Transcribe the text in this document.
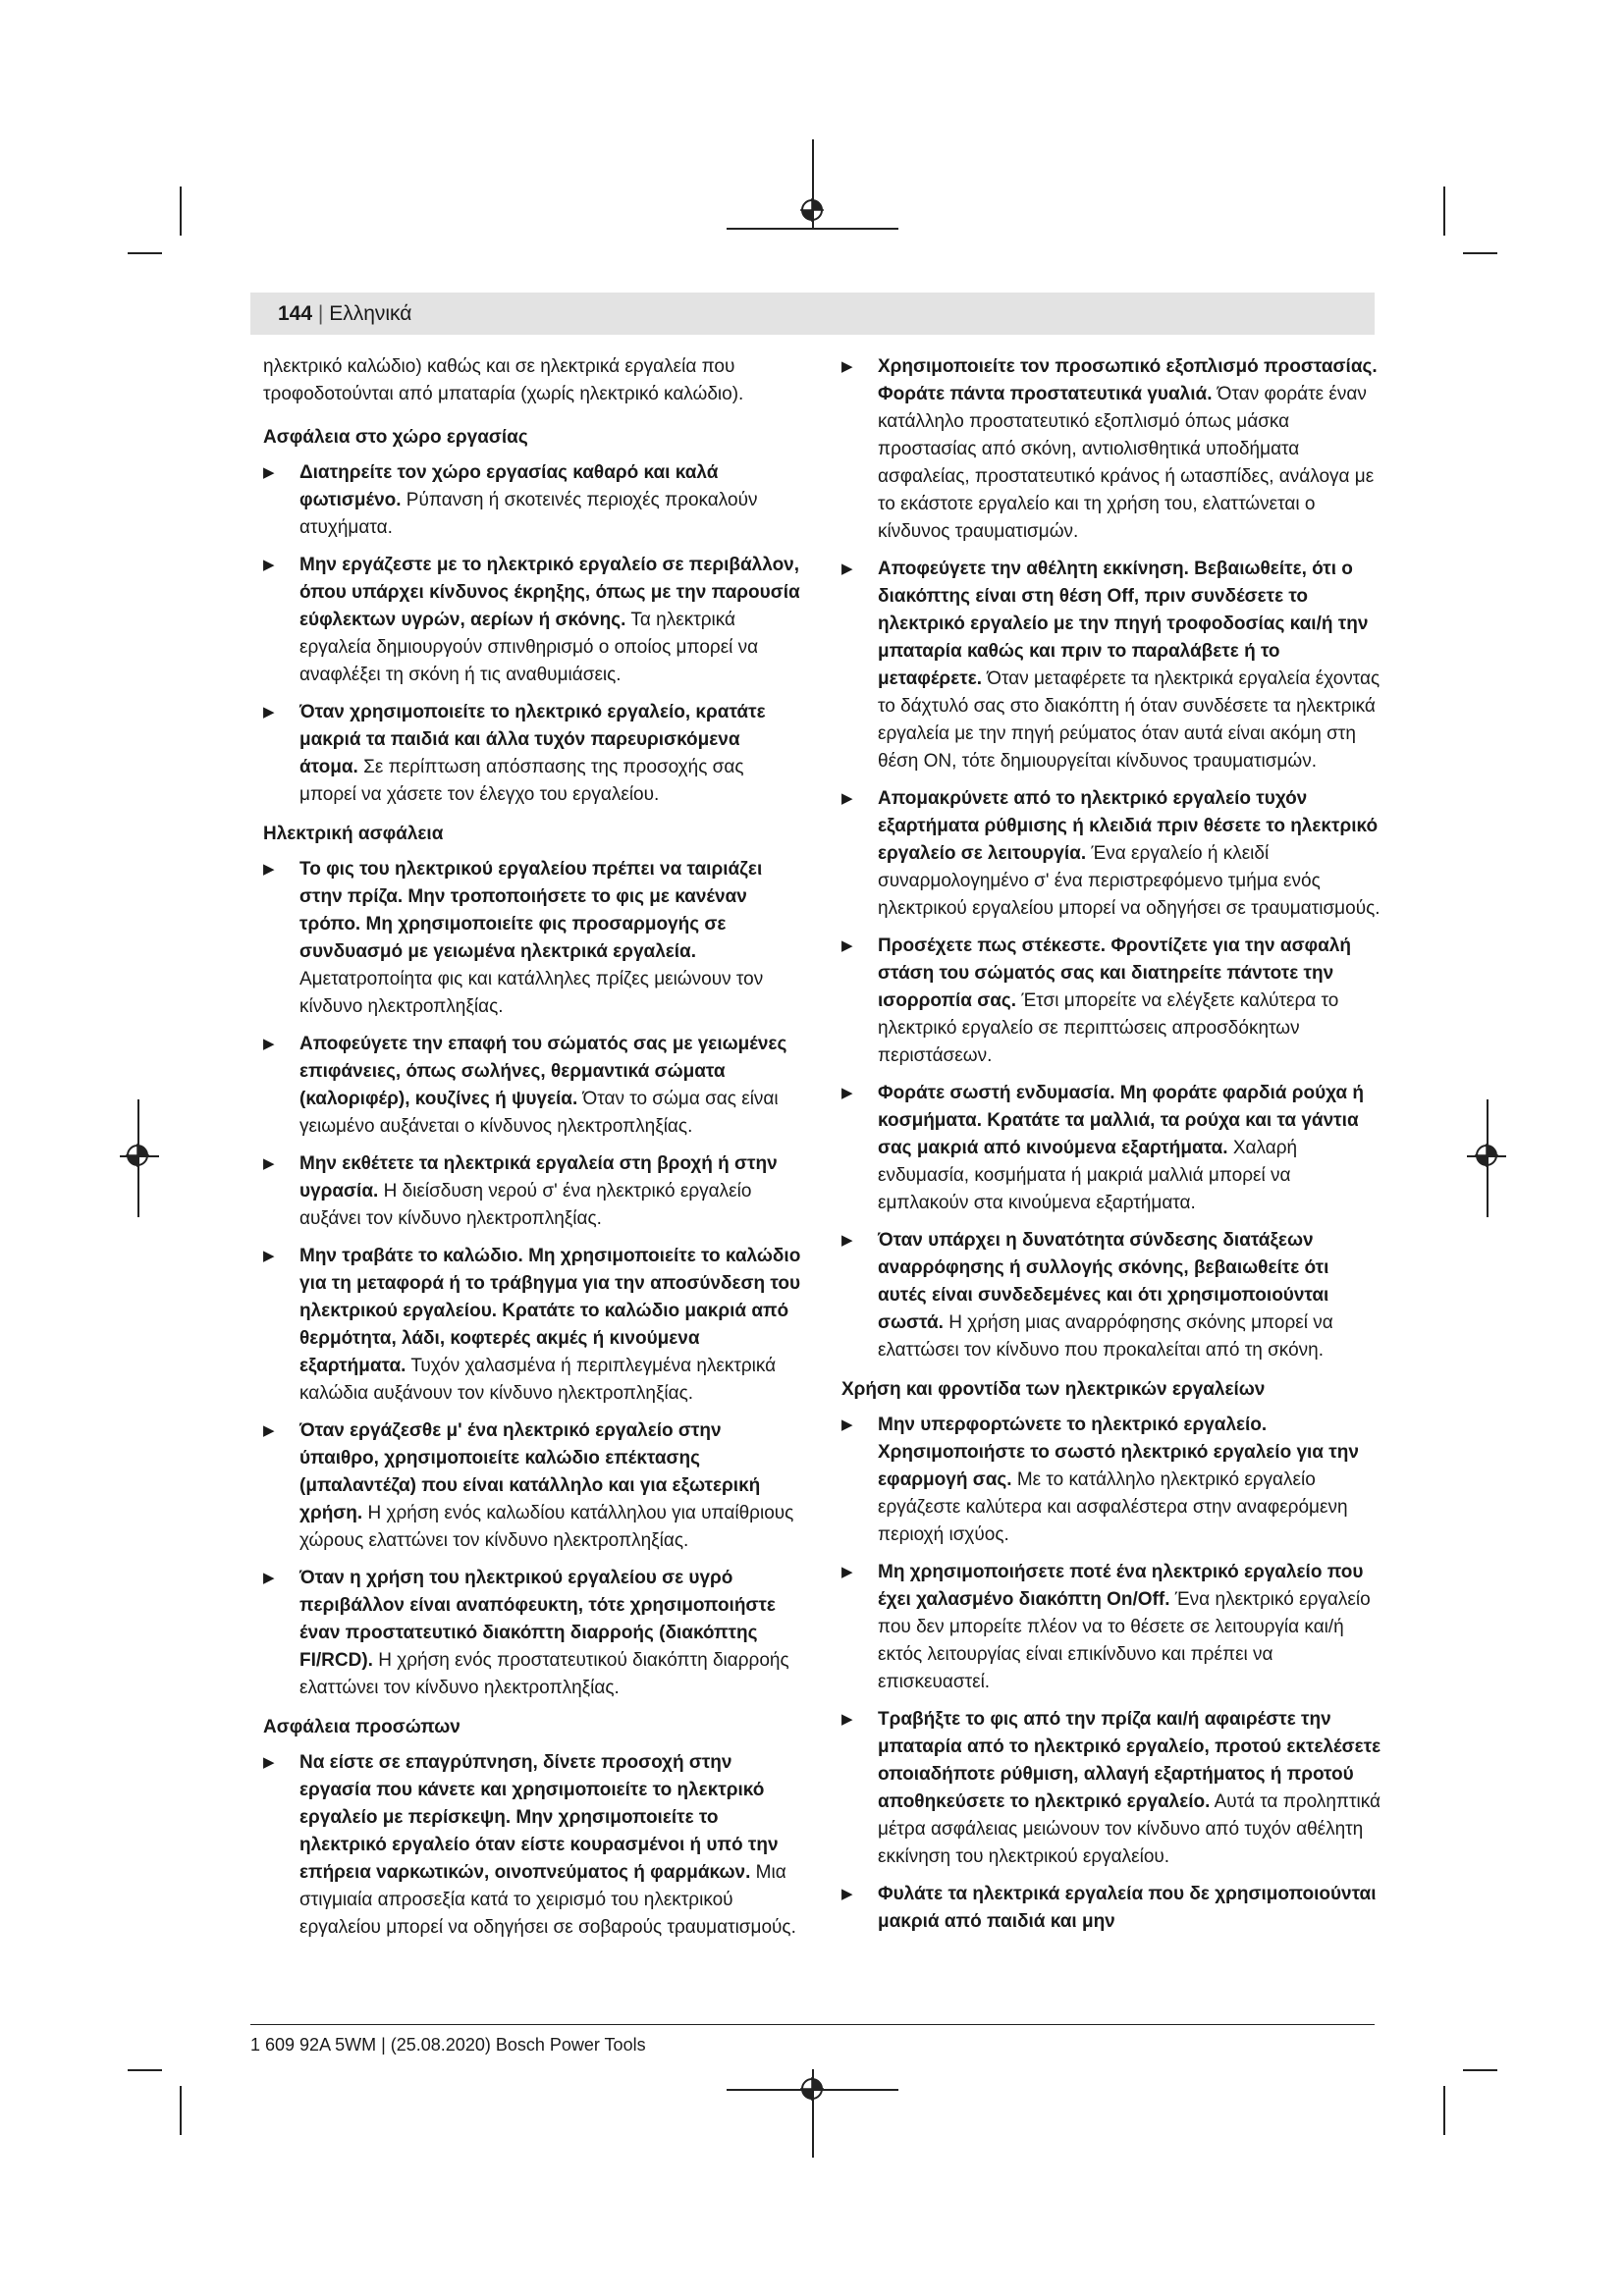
144 | Ελληνικά

ηλεκτρικό καλώδιο) καθώς και σε ηλεκτρικά εργαλεία που τροφοδοτούνται από μπαταρία (χωρίς ηλεκτρικό καλώδιο).

Ασφάλεια στο χώρο εργασίας

▶	Διατηρείτε τον χώρο εργασίας καθαρό και καλά φωτισμένο. Ρύπανση ή σκοτεινές περιοχές προκαλούν ατυχήματα.
▶	Μην εργάζεστε με το ηλεκτρικό εργαλείο σε περιβάλλον, όπου υπάρχει κίνδυνος έκρηξης, όπως με την παρουσία εύφλεκτων υγρών, αερίων ή σκόνης. Τα ηλεκτρικά εργαλεία δημιουργούν σπινθηρισμό ο οποίος μπορεί να αναφλέξει τη σκόνη ή τις αναθυμιάσεις.
▶	Όταν χρησιμοποιείτε το ηλεκτρικό εργαλείο, κρατάτε μακριά τα παιδιά και άλλα τυχόν παρευρισκόμενα άτομα. Σε περίπτωση απόσπασης της προσοχής σας μπορεί να χάσετε τον έλεγχο του εργαλείου.

Ηλεκτρική ασφάλεια

▶	Το φις του ηλεκτρικού εργαλείου πρέπει να ταιριάζει στην πρίζα. Μην τροποποιήσετε το φις με κανέναν τρόπο. Μη χρησιμοποιείτε φις προσαρμογής σε συνδυασμό με γειωμένα ηλεκτρικά εργαλεία. Αμετατροποίητα φις και κατάλληλες πρίζες μειώνουν τον κίνδυνο ηλεκτροπληξίας.
▶	Αποφεύγετε την επαφή του σώματός σας με γειωμένες επιφάνειες, όπως σωλήνες, θερμαντικά σώματα (καλοριφέρ), κουζίνες ή ψυγεία. Όταν το σώμα σας είναι γειωμένο αυξάνεται ο κίνδυνος ηλεκτροπληξίας.
▶	Μην εκθέτετε τα ηλεκτρικά εργαλεία στη βροχή ή στην υγρασία. Η διείσδυση νερού σ' ένα ηλεκτρικό εργαλείο αυξάνει τον κίνδυνο ηλεκτροπληξίας.
▶	Μην τραβάτε το καλώδιο. Μη χρησιμοποιείτε το καλώδιο για τη μεταφορά ή το τράβηγμα για την αποσύνδεση του ηλεκτρικού εργαλείου. Κρατάτε το καλώδιο μακριά από θερμότητα, λάδι, κοφτερές ακμές ή κινούμενα εξαρτήματα. Τυχόν χαλασμένα ή περιπλεγμένα ηλεκτρικά καλώδια αυξάνουν τον κίνδυνο ηλεκτροπληξίας.
▶	Όταν εργάζεσθε μ' ένα ηλεκτρικό εργαλείο στην ύπαιθρο, χρησιμοποιείτε καλώδιο επέκτασης (μπαλαντέζα) που είναι κατάλληλο και για εξωτερική χρήση. Η χρήση ενός καλωδίου κατάλληλου για υπαίθριους χώρους ελαττώνει τον κίνδυνο ηλεκτροπληξίας.
▶	Όταν η χρήση του ηλεκτρικού εργαλείου σε υγρό περιβάλλον είναι αναπόφευκτη, τότε χρησιμοποιήστε έναν προστατευτικό διακόπτη διαρροής (διακόπτης FI/RCD). Η χρήση ενός προστατευτικού διακόπτη διαρροής ελαττώνει τον κίνδυνο ηλεκτροπληξίας.

Ασφάλεια προσώπων

▶	Να είστε σε επαγρύπνηση, δίνετε προσοχή στην εργασία που κάνετε και χρησιμοποιείτε το ηλεκτρικό εργαλείο με περίσκεψη. Μην χρησιμοποιείτε το ηλεκτρικό εργαλείο όταν είστε κουρασμένοι ή υπό την επήρεια ναρκωτικών, οινοπνεύματος ή φαρμάκων. Μια στιγμιαία απροσεξία κατά το χειρισμό του ηλεκτρικού εργαλείου μπορεί να οδηγήσει σε σοβαρούς τραυματισμούς.
▶	Χρησιμοποιείτε τον προσωπικό εξοπλισμό προστασίας. Φοράτε πάντα προστατευτικά γυαλιά. Όταν φοράτε έναν κατάλληλο προστατευτικό εξοπλισμό όπως μάσκα προστασίας από σκόνη, αντιολισθητικά υποδήματα ασφαλείας, προστατευτικό κράνος ή ωτασπίδες, ανάλογα με το εκάστοτε εργαλείο και τη χρήση του, ελαττώνεται ο κίνδυνος τραυματισμών.
▶	Αποφεύγετε την αθέλητη εκκίνηση. Βεβαιωθείτε, ότι ο διακόπτης είναι στη θέση Off, πριν συνδέσετε το ηλεκτρικό εργαλείο με την πηγή τροφοδοσίας και/ή την μπαταρία καθώς και πριν το παραλάβετε ή το μεταφέρετε. Όταν μεταφέρετε τα ηλεκτρικά εργαλεία έχοντας το δάχτυλό σας στο διακόπτη ή όταν συνδέσετε τα ηλεκτρικά εργαλεία με την πηγή ρεύματος όταν αυτά είναι ακόμη στη θέση ON, τότε δημιουργείται κίνδυνος τραυματισμών.
▶	Απομακρύνετε από το ηλεκτρικό εργαλείο τυχόν εξαρτήματα ρύθμισης ή κλειδιά πριν θέσετε το ηλεκτρικό εργαλείο σε λειτουργία. Ένα εργαλείο ή κλειδί συναρμολογημένο σ' ένα περιστρεφόμενο τμήμα ενός ηλεκτρικού εργαλείου μπορεί να οδηγήσει σε τραυματισμούς.
▶	Προσέχετε πως στέκεστε. Φροντίζετε για την ασφαλή στάση του σώματός σας και διατηρείτε πάντοτε την ισορροπία σας. Έτσι μπορείτε να ελέγξετε καλύτερα το ηλεκτρικό εργαλείο σε περιπτώσεις απροσδόκητων περιστάσεων.
▶	Φοράτε σωστή ενδυμασία. Μη φοράτε φαρδιά ρούχα ή κοσμήματα. Κρατάτε τα μαλλιά, τα ρούχα και τα γάντια σας μακριά από κινούμενα εξαρτήματα. Χαλαρή ενδυμασία, κοσμήματα ή μακριά μαλλιά μπορεί να εμπλακούν στα κινούμενα εξαρτήματα.
▶	Όταν υπάρχει η δυνατότητα σύνδεσης διατάξεων αναρρόφησης ή συλλογής σκόνης, βεβαιωθείτε ότι αυτές είναι συνδεδεμένες και ότι χρησιμοποιούνται σωστά. Η χρήση μιας αναρρόφησης σκόνης μπορεί να ελαττώσει τον κίνδυνο που προκαλείται από τη σκόνη.

Χρήση και φροντίδα των ηλεκτρικών εργαλείων

▶	Μην υπερφορτώνετε το ηλεκτρικό εργαλείο. Χρησιμοποιήστε το σωστό ηλεκτρικό εργαλείο για την εφαρμογή σας. Με το κατάλληλο ηλεκτρικό εργαλείο εργάζεστε καλύτερα και ασφαλέστερα στην αναφερόμενη περιοχή ισχύος.
▶	Μη χρησιμοποιήσετε ποτέ ένα ηλεκτρικό εργαλείο που έχει χαλασμένο διακόπτη On/Off. Ένα ηλεκτρικό εργαλείο που δεν μπορείτε πλέον να το θέσετε σε λειτουργία και/ή εκτός λειτουργίας είναι επικίνδυνο και πρέπει να επισκευαστεί.
▶	Τραβήξτε το φις από την πρίζα και/ή αφαιρέστε την μπαταρία από το ηλεκτρικό εργαλείο, προτού εκτελέσετε οποιαδήποτε ρύθμιση, αλλαγή εξαρτήματος ή προτού αποθηκεύσετε το ηλεκτρικό εργαλείο. Αυτά τα προληπτικά μέτρα ασφάλειας μειώνουν τον κίνδυνο από τυχόν αθέλητη εκκίνηση του ηλεκτρικού εργαλείου.
▶	Φυλάτε τα ηλεκτρικά εργαλεία που δε χρησιμοποιούνται μακριά από παιδιά και μην
1 609 92A 5WM | (25.08.2020) Bosch Power Tools
